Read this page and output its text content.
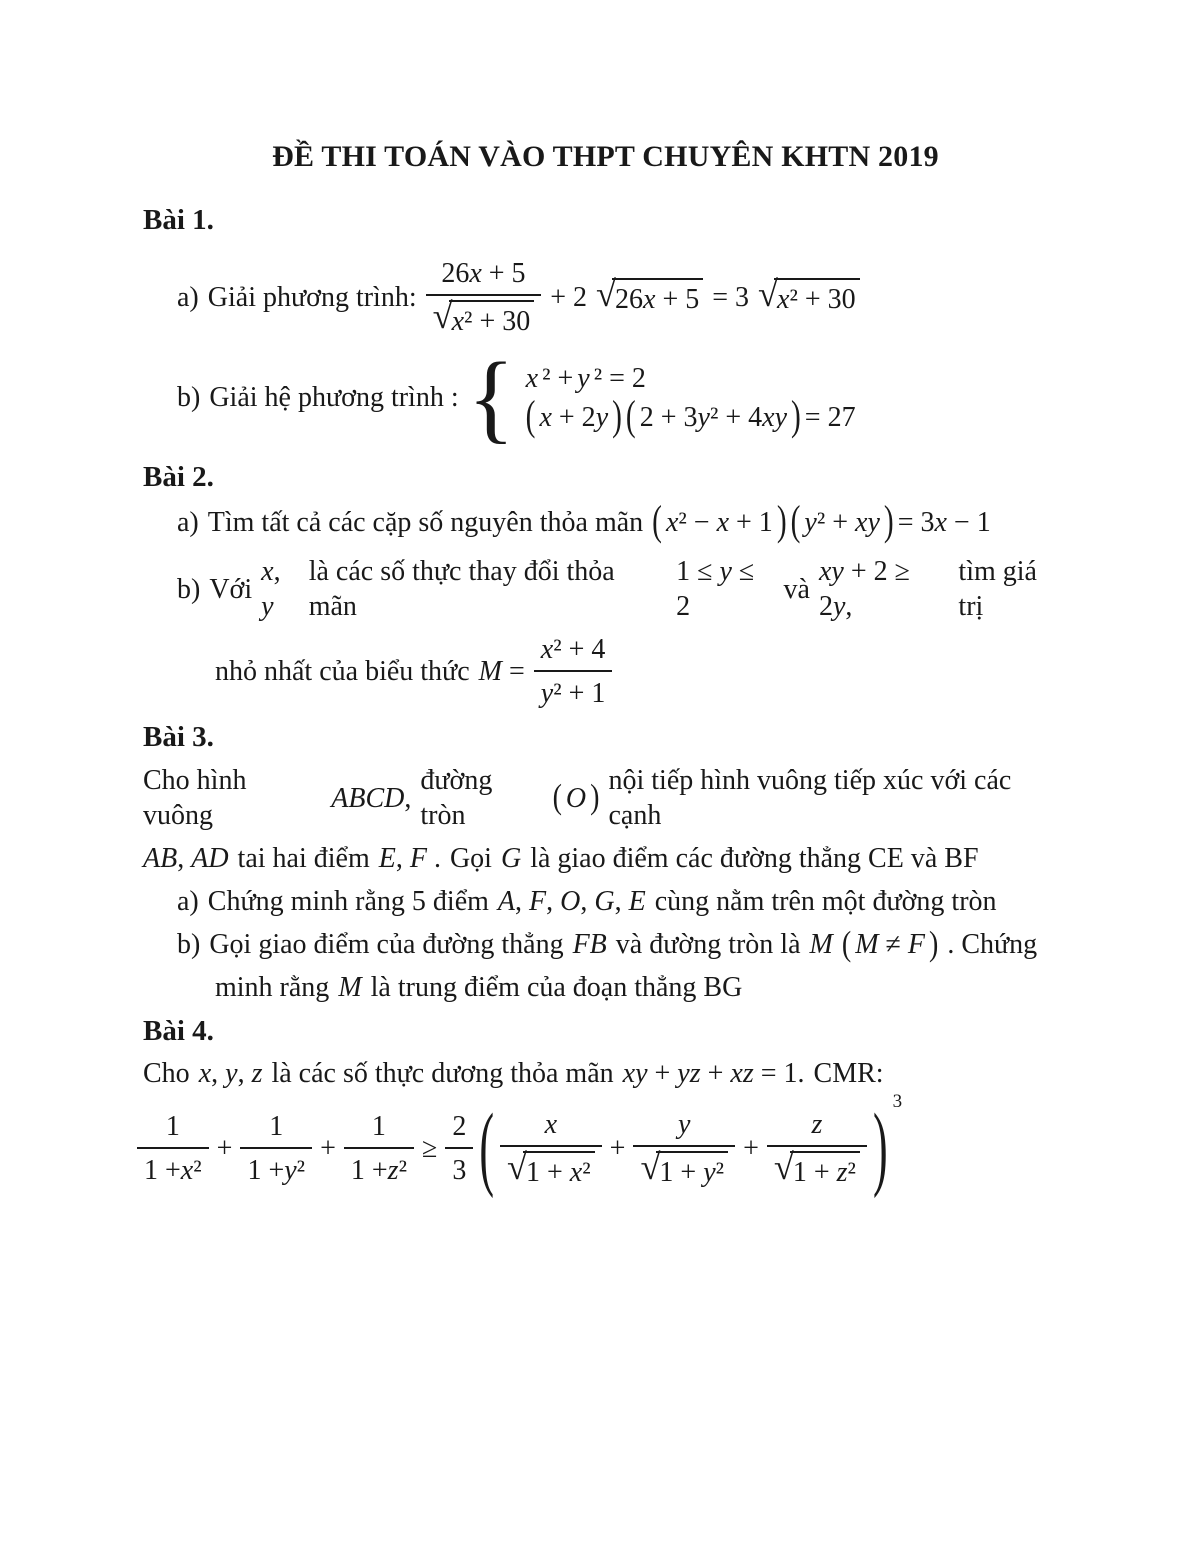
ĐỀ THI TOÁN VÀO THPT CHUYÊN KHTN 2019
Bài 1.
a) Giải phương trình: 26x + 5
√ x² + 30 + 2 √ 26x + 5 = 3 √ x² + 30
b) Giải hệ phương trình : { x ² + y ² = 2
( x + 2y ) ( 2 + 3y² + 4xy ) = 27
Bài 2.
a) Tìm tất cả các cặp số nguyên thỏa mãn ( x² − x + 1 ) ( y² + xy ) = 3x − 1
b) Với
x, y
là các số thực thay đổi thỏa mãn
1 ≤ y ≤ 2
và
xy + 2 ≥ 2y,
tìm giá trị
nhỏ nhất của biểu thức $M = \frac{\text{x² + 4}}{\text{y ² + 1}}$
Bài 3.
Cho hình vuông
ABCD,
đường tròn	( O ) nội tiếp hình vuông tiếp xúc với các cạnh
AB, AD tai hai điểm E, F . Gọi G là giao điểm các đường thẳng CE và BF
a) Chứng minh rằng 5 điểm A, F, O, G, E cùng nằm trên một đường tròn
b) Gọi giao điểm của đường thẳng FB và đường tròn là M ( M ≠ F ) . Chứng
minh rằng M là trung điểm của đoạn thẳng BG
Bài 4.
Cho x, y, z là các số thực dương thỏa mãn xy + yz + xz = 1. CMR:
$\frac{1}{\text{1 + x ²}} + \frac{1}{\text{1 + y ²}} + \frac{1}{\text{1 + z ²}} \ge \frac{2}{3}$ ( x
√ 1 + x² + y
√ 1 + y² + z
√ 1 + z² ) 3
